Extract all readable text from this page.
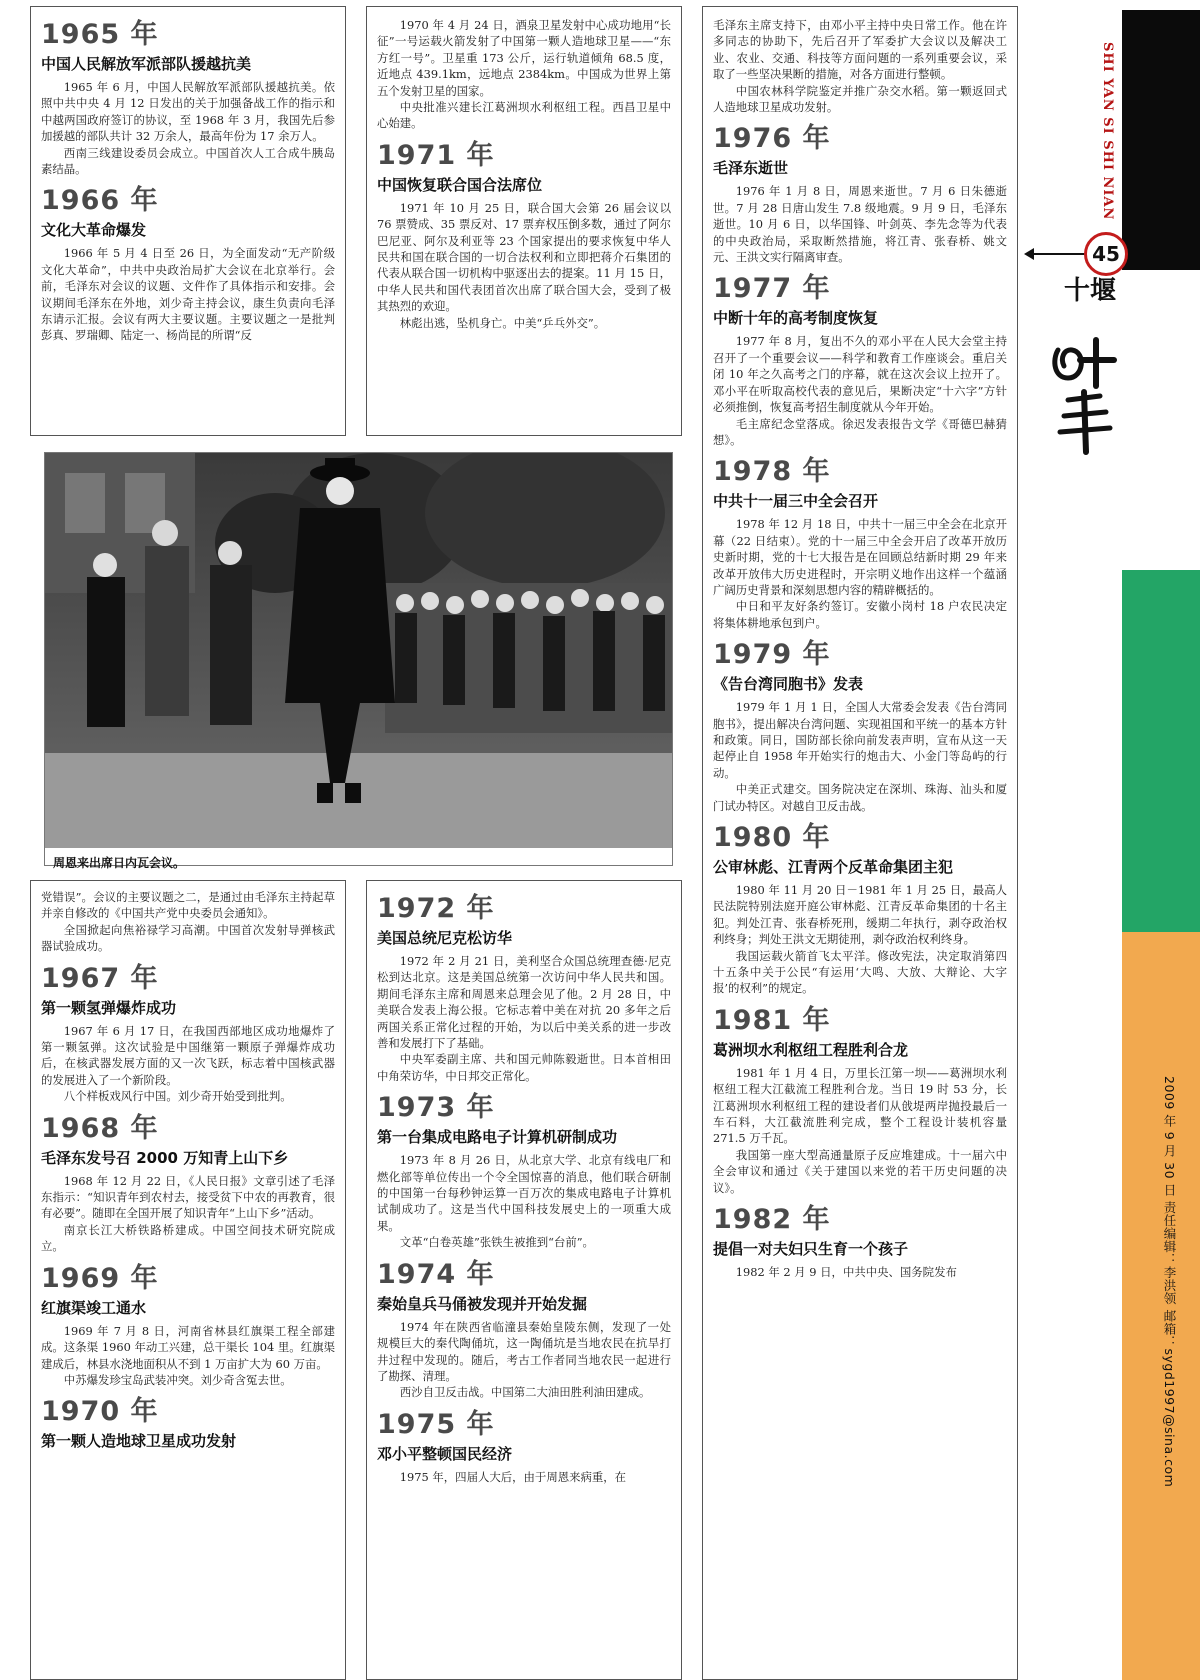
1965 年
中国人民解放军派部队援越抗美

1965 年 6 月，中国人民解放军派部队援越抗美。依照中共中央 4 月 12 日发出的关于加强备战工作的指示和中越两国政府签订的协议，至 1968 年 3 月，我国先后参加援越的部队共计 32 万余人，最高年份为 17 余万人。

西南三线建设委员会成立。中国首次人工合成牛胰岛素结晶。

1966 年
文化大革命爆发

1966 年 5 月 4 日至 26 日，为全面发动“无产阶级文化大革命”，中共中央政治局扩大会议在北京举行。会前，毛泽东对会议的议题、文件作了具体指示和安排。会议期间毛泽东在外地，刘少奇主持会议，康生负责向毛泽东请示汇报。会议有两大主要议题。主要议题之一是批判彭真、罗瑞卿、陆定一、杨尚昆的所谓“反

1970 年 4 月 24 日，酒泉卫星发射中心成功地用“长征”一号运载火箭发射了中国第一颗人造地球卫星——“东方红一号”。卫星重 173 公斤，运行轨道倾角 68.5 度，近地点 439.1km，远地点 2384km。中国成为世界上第五个发射卫星的国家。

中央批准兴建长江葛洲坝水利枢纽工程。西昌卫星中心始建。

1971 年
中国恢复联合国合法席位

1971 年 10 月 25 日，联合国大会第 26 届会议以 76 票赞成、35 票反对、17 票弃权压倒多数，通过了阿尔巴尼亚、阿尔及利亚等 23 个国家提出的要求恢复中华人民共和国在联合国的一切合法权利和立即把蒋介石集团的代表从联合国一切机构中驱逐出去的提案。11 月 15 日，中华人民共和国代表团首次出席了联合国大会，受到了极其热烈的欢迎。

林彪出逃，坠机身亡。中美“乒乓外交”。

周恩来出席日内瓦会议。

党错误”。会议的主要议题之二，是通过由毛泽东主持起草并亲自修改的《中国共产党中央委员会通知》。

全国掀起向焦裕禄学习高潮。中国首次发射导弹核武器试验成功。

1967 年
第一颗氢弹爆炸成功

1967 年 6 月 17 日，在我国西部地区成功地爆炸了第一颗氢弹。这次试验是中国继第一颗原子弹爆炸成功后，在核武器发展方面的又一次飞跃，标志着中国核武器的发展进入了一个新阶段。

八个样板戏风行中国。刘少奇开始受到批判。

1968 年
毛泽东发号召 2000 万知青上山下乡

1968 年 12 月 22 日，《人民日报》文章引述了毛泽东指示：“知识青年到农村去，接受贫下中农的再教育，很有必要”。随即在全国开展了知识青年“上山下乡”活动。

南京长江大桥铁路桥建成。中国空间技术研究院成立。

1969 年
红旗渠竣工通水

1969 年 7 月 8 日，河南省林县红旗渠工程全部建成。这条渠 1960 年动工兴建，总干渠长 104 里。红旗渠建成后，林县水浇地面积从不到 1 万亩扩大为 60 万亩。

中苏爆发珍宝岛武装冲突。刘少奇含冤去世。

1970 年
第一颗人造地球卫星成功发射
1972 年
美国总统尼克松访华

1972 年 2 月 21 日，美利坚合众国总统理查德·尼克松到达北京。这是美国总统第一次访问中华人民共和国。期间毛泽东主席和周恩来总理会见了他。2 月 28 日，中美联合发表上海公报。它标志着中美在对抗 20 多年之后两国关系正常化过程的开始，为以后中美关系的进一步改善和发展打下了基础。

中央军委副主席、共和国元帅陈毅逝世。日本首相田中角荣访华，中日邦交正常化。

1973 年
第一台集成电路电子计算机研制成功

1973 年 8 月 26 日，从北京大学、北京有线电厂和燃化部等单位传出一个令全国惊喜的消息，他们联合研制的中国第一台每秒钟运算一百万次的集成电路电子计算机试制成功了。这是当代中国科技发展史上的一项重大成果。

文革“白卷英雄”张铁生被推到“台前”。

1974 年
秦始皇兵马俑被发现并开始发掘

1974 年在陕西省临潼县秦始皇陵东侧，发现了一处规模巨大的秦代陶俑坑，这一陶俑坑是当地农民在抗旱打井过程中发现的。随后，考古工作者同当地农民一起进行了勘探、清理。

西沙自卫反击战。中国第二大油田胜利油田建成。

1975 年
邓小平整顿国民经济

1975 年，四届人大后，由于周恩来病重，在

毛泽东主席支持下，由邓小平主持中央日常工作。他在许多同志的协助下，先后召开了军委扩大会议以及解决工业、农业、交通、科技等方面问题的一系列重要会议，采取了一些坚决果断的措施，对各方面进行整顿。

中国农林科学院鉴定并推广杂交水稻。第一颗返回式人造地球卫星成功发射。

1976 年
毛泽东逝世

1976 年 1 月 8 日，周恩来逝世。7 月 6 日朱德逝世。7 月 28 日唐山发生 7.8 级地震。9 月 9 日，毛泽东逝世。10 月 6 日，以华国锋、叶剑英、李先念等为代表的中央政治局，采取断然措施，将江青、张春桥、姚文元、王洪文实行隔离审查。

1977 年
中断十年的高考制度恢复

1977 年 8 月，复出不久的邓小平在人民大会堂主持召开了一个重要会议——科学和教育工作座谈会。重启关闭 10 年之久高考之门的序幕，就在这次会议上拉开了。邓小平在听取高校代表的意见后，果断决定“十六字”方针必须推倒，恢复高考招生制度就从今年开始。

毛主席纪念堂落成。徐迟发表报告文学《哥德巴赫猜想》。

1978 年
中共十一届三中全会召开

1978 年 12 月 18 日，中共十一届三中全会在北京开幕（22 日结束）。党的十一届三中全会开启了改革开放历史新时期，党的十七大报告是在回顾总结新时期 29 年来改革开放伟大历史进程时，开宗明义地作出这样一个蕴涵广阔历史背景和深刻思想内容的精辟概括的。

中日和平友好条约签订。安徽小岗村 18 户农民决定将集体耕地承包到户。

1979 年
《告台湾同胞书》发表

1979 年 1 月 1 日，全国人大常委会发表《告台湾同胞书》，提出解决台湾问题、实现祖国和平统一的基本方针和政策。同日，国防部长徐向前发表声明，宣布从这一天起停止自 1958 年开始实行的炮击大、小金门等岛屿的行动。

中美正式建交。国务院决定在深圳、珠海、汕头和厦门试办特区。对越自卫反击战。

1980 年
公审林彪、江青两个反革命集团主犯

1980 年 11 月 20 日－1981 年 1 月 25 日，最高人民法院特别法庭开庭公审林彪、江青反革命集团的十名主犯。判处江青、张春桥死刑，缓期二年执行，剥夺政治权利终身；判处王洪文无期徒刑，剥夺政治权利终身。

我国运载火箭首飞太平洋。修改宪法，决定取消第四十五条中关于公民“有运用‘大鸣、大放、大辩论、大字报’的权利”的规定。

1981 年
葛洲坝水利枢纽工程胜利合龙

1981 年 1 月 4 日，万里长江第一坝——葛洲坝水利枢纽工程大江截流工程胜利合龙。当日 19 时 53 分，长江葛洲坝水利枢纽工程的建设者们从戗堤两岸抛投最后一车石料，大江截流胜利完成，整个工程设计装机容量 271.5 万千瓦。

我国第一座大型高通量原子反应堆建成。十一届六中全会审议和通过《关于建国以来党的若干历史问题的决议》。

1982 年
提倡一对夫妇只生育一个孩子

1982 年 2 月 9 日，中共中央、国务院发布

SHI YAN SI SHI NIAN
45
十堰
2009 年 9 月 30 日 责任编辑：李洪领 邮箱：sygd1997@sina.com
